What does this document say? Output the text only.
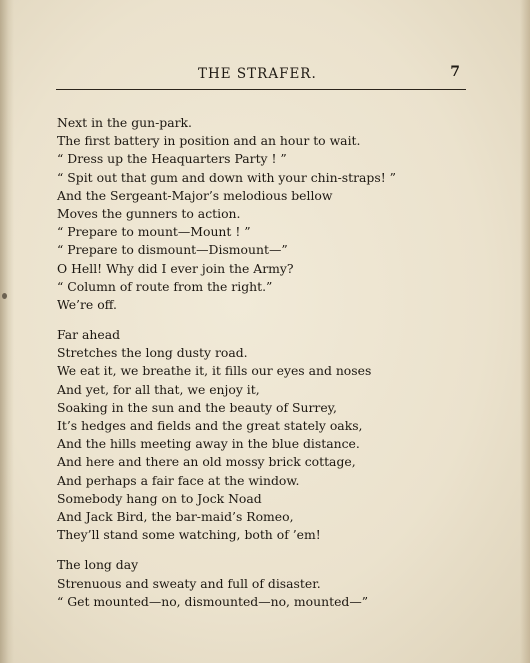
THE STRAFER.	7
Next in the gun-park.
The first battery in position and an hour to wait.
“ Dress up the Heaquarters Party ! ”
“ Spit out that gum and down with your chin-straps! ”
And the Sergeant-Major’s melodious bellow
Moves the gunners to action.
“ Prepare to mount—Mount ! ”
“ Prepare to dismount—Dismount—”
O Hell! Why did I ever join the Army?
“ Column of route from the right.”
We’re off.
Far ahead
Stretches the long dusty road.
We eat it, we breathe it, it fills our eyes and noses
And yet, for all that, we enjoy it,
Soaking in the sun and the beauty of Surrey,
It’s hedges and fields and the great stately oaks,
And the hills meeting away in the blue distance.
And here and there an old mossy brick cottage,
And perhaps a fair face at the window.
Somebody hang on to Jock Noad
And Jack Bird, the bar-maid’s Romeo,
They’ll stand some watching, both of ’em!
The long day
Strenuous and sweaty and full of disaster.
“ Get mounted—no, dismounted—no, mounted—”
